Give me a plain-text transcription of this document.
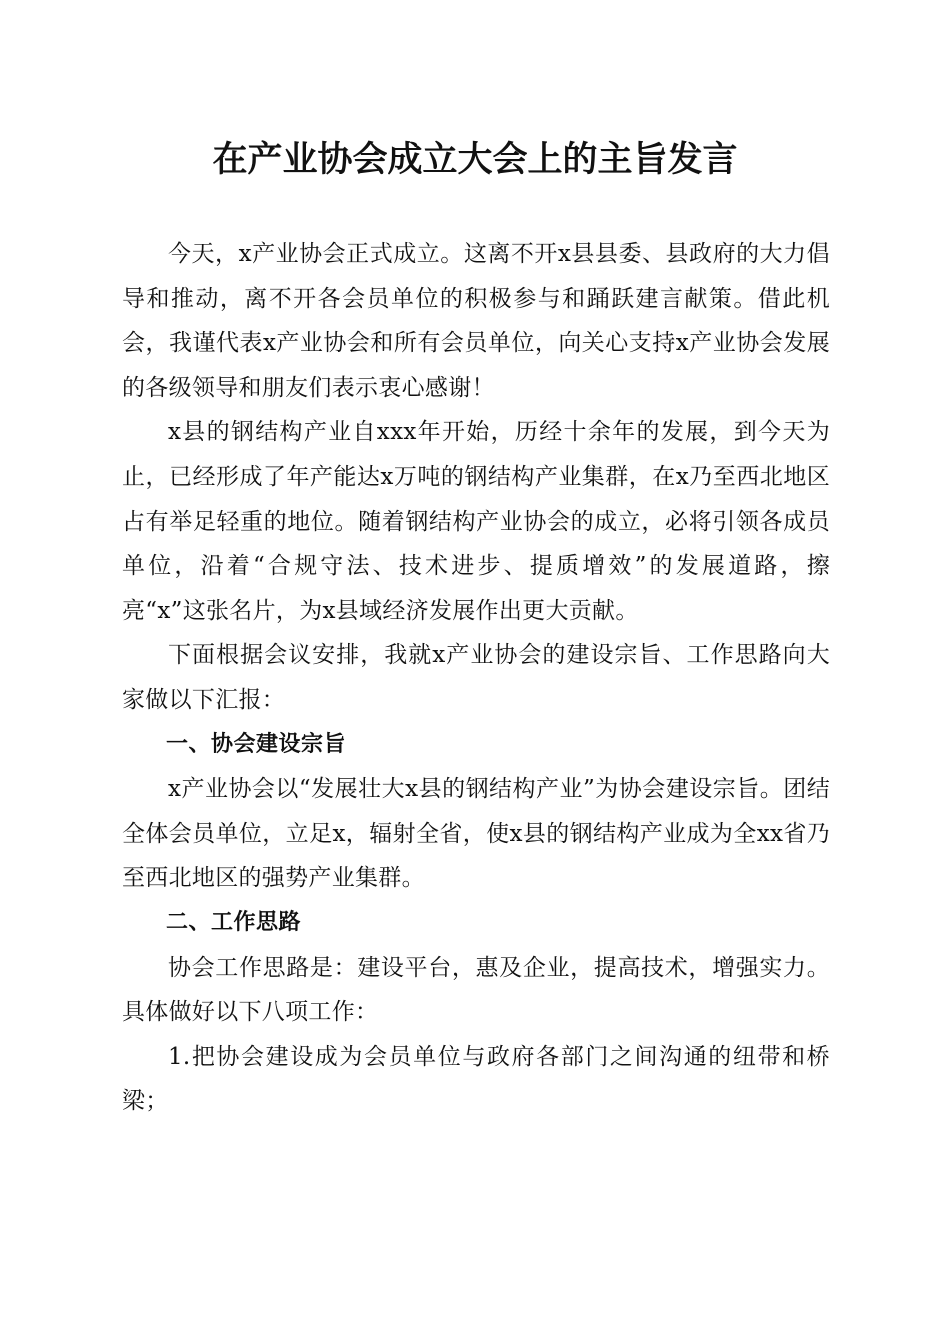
在产业协会成立大会上的主旨发言

今天，x产业协会正式成立。这离不开x县县委、县政府的大力倡导和推动，离不开各会员单位的积极参与和踊跃建言献策。借此机会，我谨代表x产业协会和所有会员单位，向关心支持x产业协会发展的各级领导和朋友们表示衷心感谢！

x县的钢结构产业自xxx年开始，历经十余年的发展，到今天为止，已经形成了年产能达x万吨的钢结构产业集群，在x乃至西北地区占有举足轻重的地位。随着钢结构产业协会的成立，必将引领各成员单位，沿着“合规守法、技术进步、提质增效”的发展道路，擦亮“x”这张名片，为x县域经济发展作出更大贡献。

下面根据会议安排，我就x产业协会的建设宗旨、工作思路向大家做以下汇报：

一、协会建设宗旨

x产业协会以“发展壮大x县的钢结构产业”为协会建设宗旨。团结全体会员单位，立足x，辐射全省，使x县的钢结构产业成为全xx省乃至西北地区的强势产业集群。

二、工作思路

协会工作思路是：建设平台，惠及企业，提高技术，增强实力。具体做好以下八项工作：

1.把协会建设成为会员单位与政府各部门之间沟通的纽带和桥梁；
